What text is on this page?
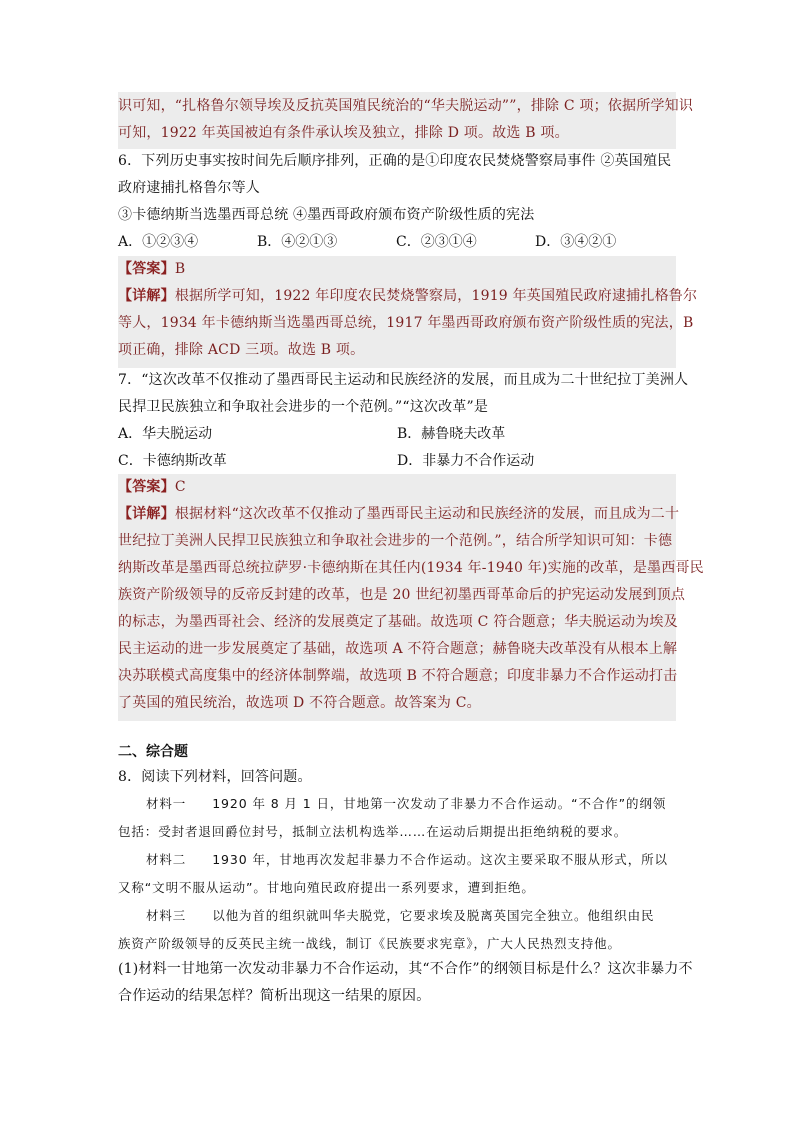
识可知，“扎格鲁尔领导埃及反抗英国殖民统治的“华夫脱运动””，排除 C 项；依据所学知识
可知，1922 年英国被迫有条件承认埃及独立，排除 D 项。故选 B 项。
6．下列历史事实按时间先后顺序排列，正确的是①印度农民焚烧警察局事件 ②英国殖民
政府逮捕扎格鲁尔等人
③卡德纳斯当选墨西哥总统 ④墨西哥政府颁布资产阶级性质的宪法
A．①②③④	B．④②①③	C．②③①④	D．③④②①
【答案】B
【详解】根据所学可知，1922 年印度农民焚烧警察局，1919 年英国殖民政府逮捕扎格鲁尔
等人，1934 年卡德纳斯当选墨西哥总统，1917 年墨西哥政府颁布资产阶级性质的宪法，B
项正确，排除 ACD 三项。故选 B 项。
7．“这次改革不仅推动了墨西哥民主运动和民族经济的发展，而且成为二十世纪拉丁美洲人
民捍卫民族独立和争取社会进步的一个范例。”“这次改革”是
A．华夫脱运动	B．赫鲁晓夫改革
C．卡德纳斯改革	D．非暴力不合作运动
【答案】C
【详解】根据材料“这次改革不仅推动了墨西哥民主运动和民族经济的发展，而且成为二十
世纪拉丁美洲人民捍卫民族独立和争取社会进步的一个范例。”，结合所学知识可知：卡德
纳斯改革是墨西哥总统拉萨罗·卡德纳斯在其任内(1934 年-1940 年)实施的改革，是墨西哥民
族资产阶级领导的反帝反封建的改革，也是 20 世纪初墨西哥革命后的护宪运动发展到顶点
的标志，为墨西哥社会、经济的发展奠定了基础。故选项 C 符合题意；华夫脱运动为埃及
民主运动的进一步发展奠定了基础，故选项 A 不符合题意；赫鲁晓夫改革没有从根本上解
决苏联模式高度集中的经济体制弊端，故选项 B 不符合题意；印度非暴力不合作运动打击
了英国的殖民统治，故选项 D 不符合题意。故答案为 C。
二、综合题
8．阅读下列材料，回答问题。
材料一 1920 年 8 月 1 日，甘地第一次发动了非暴力不合作运动。“不合作”的纲领
包括：受封者退回爵位封号，抵制立法机构选举……在运动后期提出拒绝纳税的要求。
材料二 1930 年，甘地再次发起非暴力不合作运动。这次主要采取不服从形式，所以
又称“文明不服从运动”。甘地向殖民政府提出一系列要求，遭到拒绝。
材料三 以他为首的组织就叫华夫脱党，它要求埃及脱离英国完全独立。他组织由民
族资产阶级领导的反英民主统一战线，制订《民族要求宪章》，广大人民热烈支持他。
(1)材料一甘地第一次发动非暴力不合作运动，其“不合作”的纲领目标是什么？这次非暴力不
合作运动的结果怎样？简析出现这一结果的原因。
